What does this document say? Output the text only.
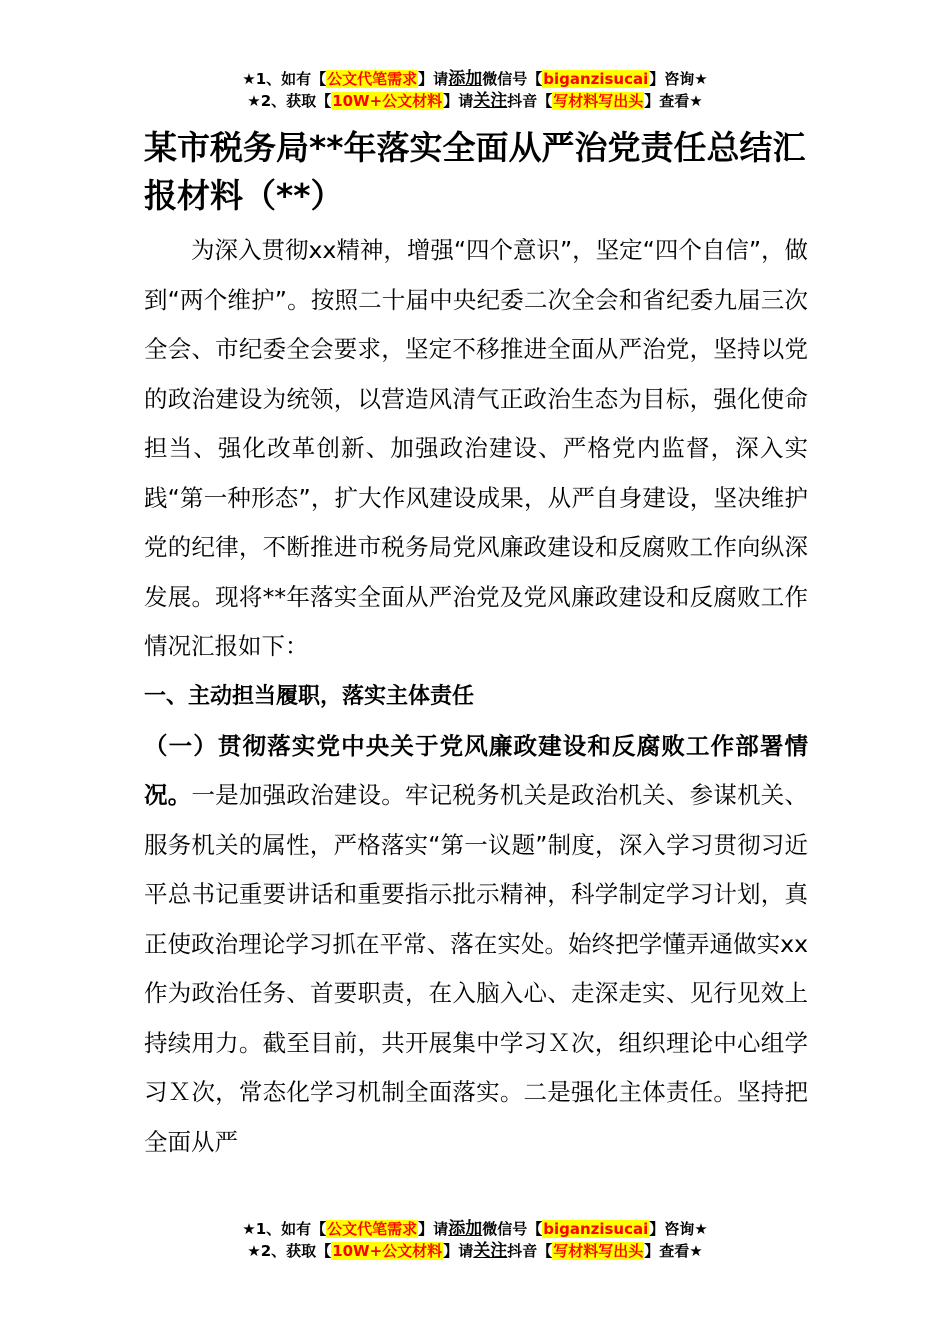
★1、如有【公文代笔需求】请添加微信号【biganzisucai】咨询★
★2、获取【10W+公文材料】请关注抖音【写材料写出头】查看★
某市税务局**年落实全面从严治党责任总结汇报材料（**）

为深入贯彻xx精神，增强“四个意识”，坚定“四个自信”，做到“两个维护”。按照二十届中央纪委二次全会和省纪委九届三次全会、市纪委全会要求，坚定不移推进全面从严治党，坚持以党的政治建设为统领，以营造风清气正政治生态为目标，强化使命担当、强化改革创新、加强政治建设、严格党内监督，深入实践“第一种形态”，扩大作风建设成果，从严自身建设，坚决维护党的纪律，不断推进市税务局党风廉政建设和反腐败工作向纵深发展。现将**年落实全面从严治党及党风廉政建设和反腐败工作情况汇报如下：

一、主动担当履职，落实主体责任

（一）贯彻落实党中央关于党风廉政建设和反腐败工作部署情况。一是加强政治建设。牢记税务机关是政治机关、参谋机关、服务机关的属性，严格落实“第一议题”制度，深入学习贯彻习近平总书记重要讲话和重要指示批示精神，科学制定学习计划，真正使政治理论学习抓在平常、落在实处。始终把学懂弄通做实xx作为政治任务、首要职责，在入脑入心、走深走实、见行见效上持续用力。截至目前，共开展集中学习Ｘ次，组织理论中心组学习Ｘ次，常态化学习机制全面落实。二是强化主体责任。坚持把全面从严

★1、如有【公文代笔需求】请添加微信号【biganzisucai】咨询★
★2、获取【10W+公文材料】请关注抖音【写材料写出头】查看★
